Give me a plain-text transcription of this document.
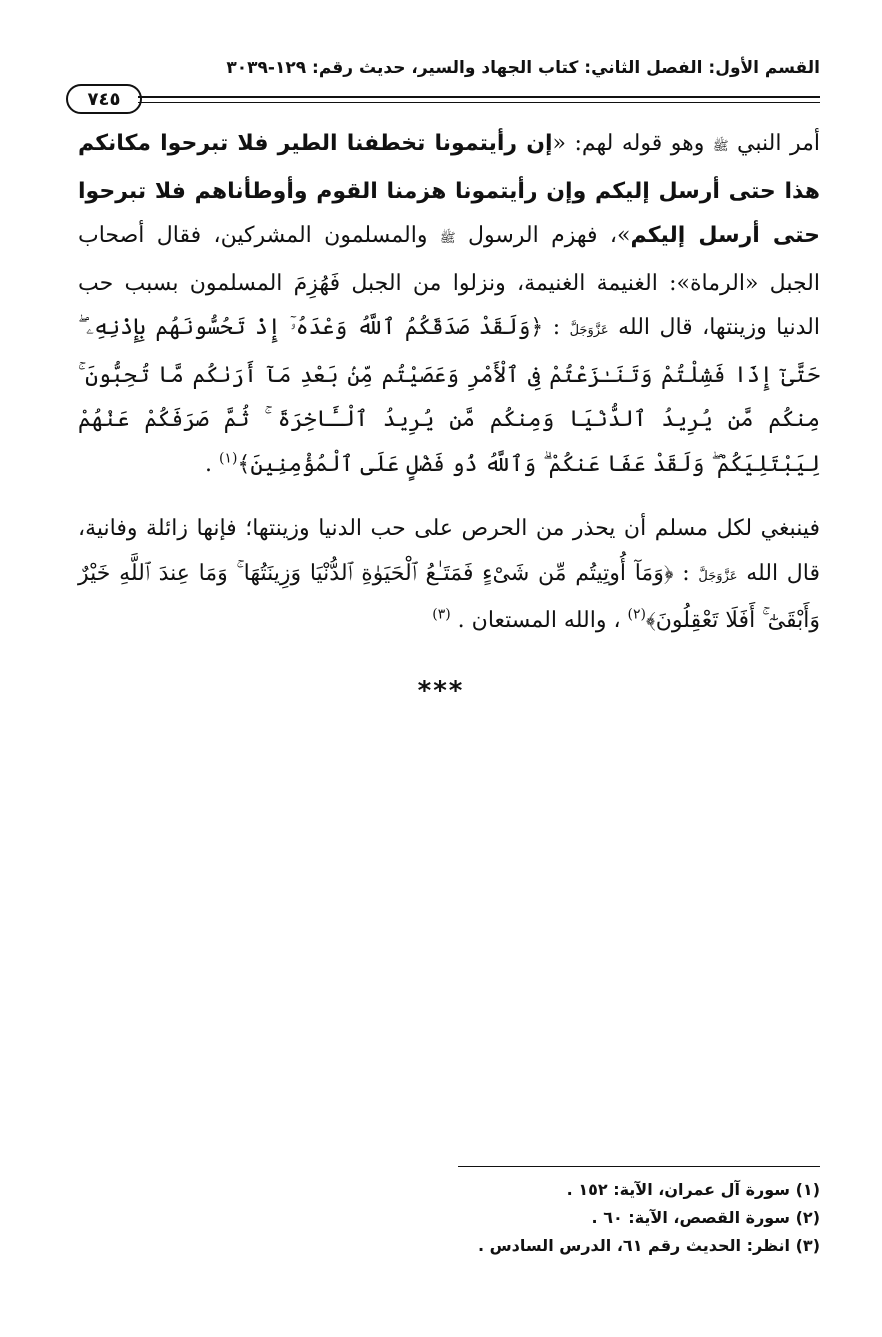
القسم الأول: الفصل الثاني: كتاب الجهاد والسير، حديث رقم: ١٢٩-٣٠٣٩
٧٤٥

أمر النبي ﷺ وهو قوله لهم: «إن رأيتمونا تخطفنا الطير فلا تبرحوا مكانكم هذا حتى أرسل إليكم وإن رأيتمونا هزمنا القوم وأوطأناهم فلا تبرحوا حتى أرسل إليكم»، فهزم الرسول ﷺ والمسلمون المشركين، فقال أصحاب الجبل «الرماة»: الغنيمة الغنيمة، ونزلوا من الجبل فَهُزِمَ المسلمون بسبب حب الدنيا وزينتها، قال الله عَزَّوَجَلَّ : ﴿وَلَقَدْ صَدَقَكُمُ ٱللَّهُ وَعْدَهُۥٓ إِذْ تَحُسُّونَهُم بِإِذْنِهِۦ ۖ حَتَّىٰٓ إِذَا فَشِلْتُمْ وَتَنَـٰزَعْتُمْ فِى ٱلْأَمْرِ وَعَصَيْتُم مِّنۢ بَعْدِ مَآ أَرَىٰكُم مَّا تُحِبُّونَ ۚ مِنكُم مَّن يُرِيدُ ٱلدُّنْيَا وَمِنكُم مَّن يُرِيدُ ٱلْـَٔاخِرَةَ ۚ ثُمَّ صَرَفَكُمْ عَنْهُمْ لِيَبْتَلِيَكُمْ ۖ وَلَقَدْ عَفَا عَنكُمْ ۗ وَٱللَّهُ ذُو فَضْلٍ عَلَى ٱلْمُؤْمِنِينَ﴾$^{(١)}$ .

فينبغي لكل مسلم أن يحذر من الحرص على حب الدنيا وزينتها؛ فإنها زائلة وفانية، قال الله عَزَّوَجَلَّ : ﴿وَمَآ أُوتِيتُم مِّن شَىْءٍ فَمَتَـٰعُ ٱلْحَيَوٰةِ ٱلدُّنْيَا وَزِينَتُهَا ۚ وَمَا عِندَ ٱللَّهِ خَيْرٌ وَأَبْقَىٰٓ ۚ أَفَلَا تَعْقِلُونَ﴾$^{(٢)}$ ، والله المستعان . $^{(٣)}$

***
(١) سورة آل عمران، الآية: ١٥٢ .
(٢) سورة القصص، الآية: ٦٠ .
(٣) انظر: الحديث رقم ٦١، الدرس السادس .
